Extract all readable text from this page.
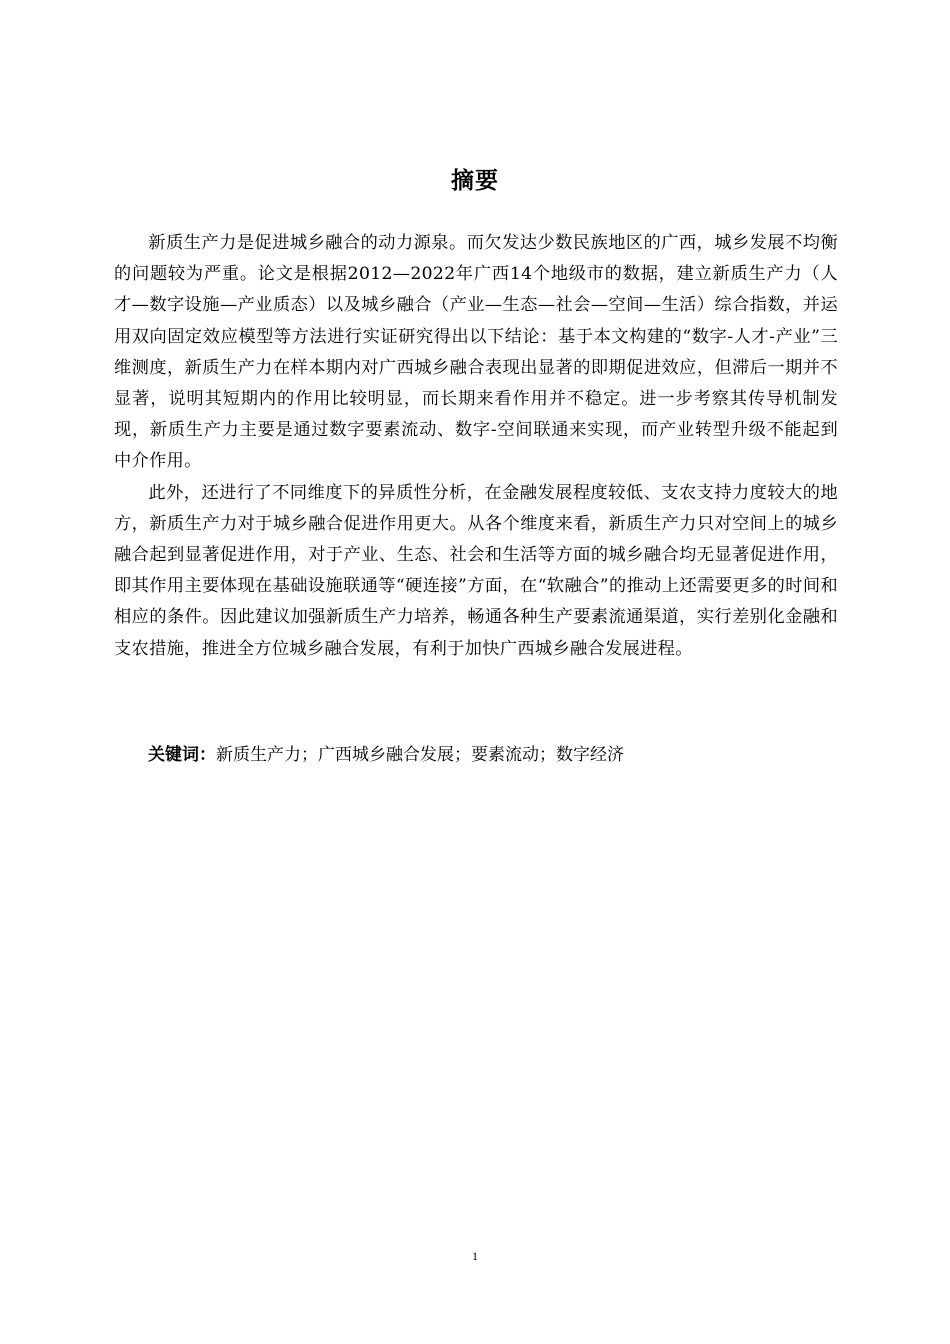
摘要

新质生产力是促进城乡融合的动力源泉。而欠发达少数民族地区的广西，城乡发展不均衡的问题较为严重。论文是根据2012—2022年广西14个地级市的数据，建立新质生产力（人才—数字设施—产业质态）以及城乡融合（产业—生态—社会—空间—生活）综合指数，并运用双向固定效应模型等方法进行实证研究得出以下结论：基于本文构建的“数字-人才-产业”三维测度，新质生产力在样本期内对广西城乡融合表现出显著的即期促进效应，但滞后一期并不显著，说明其短期内的作用比较明显，而长期来看作用并不稳定。进一步考察其传导机制发现，新质生产力主要是通过数字要素流动、数字-空间联通来实现，而产业转型升级不能起到中介作用。

此外，还进行了不同维度下的异质性分析，在金融发展程度较低、支农支持力度较大的地方，新质生产力对于城乡融合促进作用更大。从各个维度来看，新质生产力只对空间上的城乡融合起到显著促进作用，对于产业、生态、社会和生活等方面的城乡融合均无显著促进作用，即其作用主要体现在基础设施联通等“硬连接”方面，在“软融合”的推动上还需要更多的时间和相应的条件。因此建议加强新质生产力培养，畅通各种生产要素流通渠道，实行差别化金融和支农措施，推进全方位城乡融合发展，有利于加快广西城乡融合发展进程。

关键词：新质生产力；广西城乡融合发展；要素流动；数字经济

1
